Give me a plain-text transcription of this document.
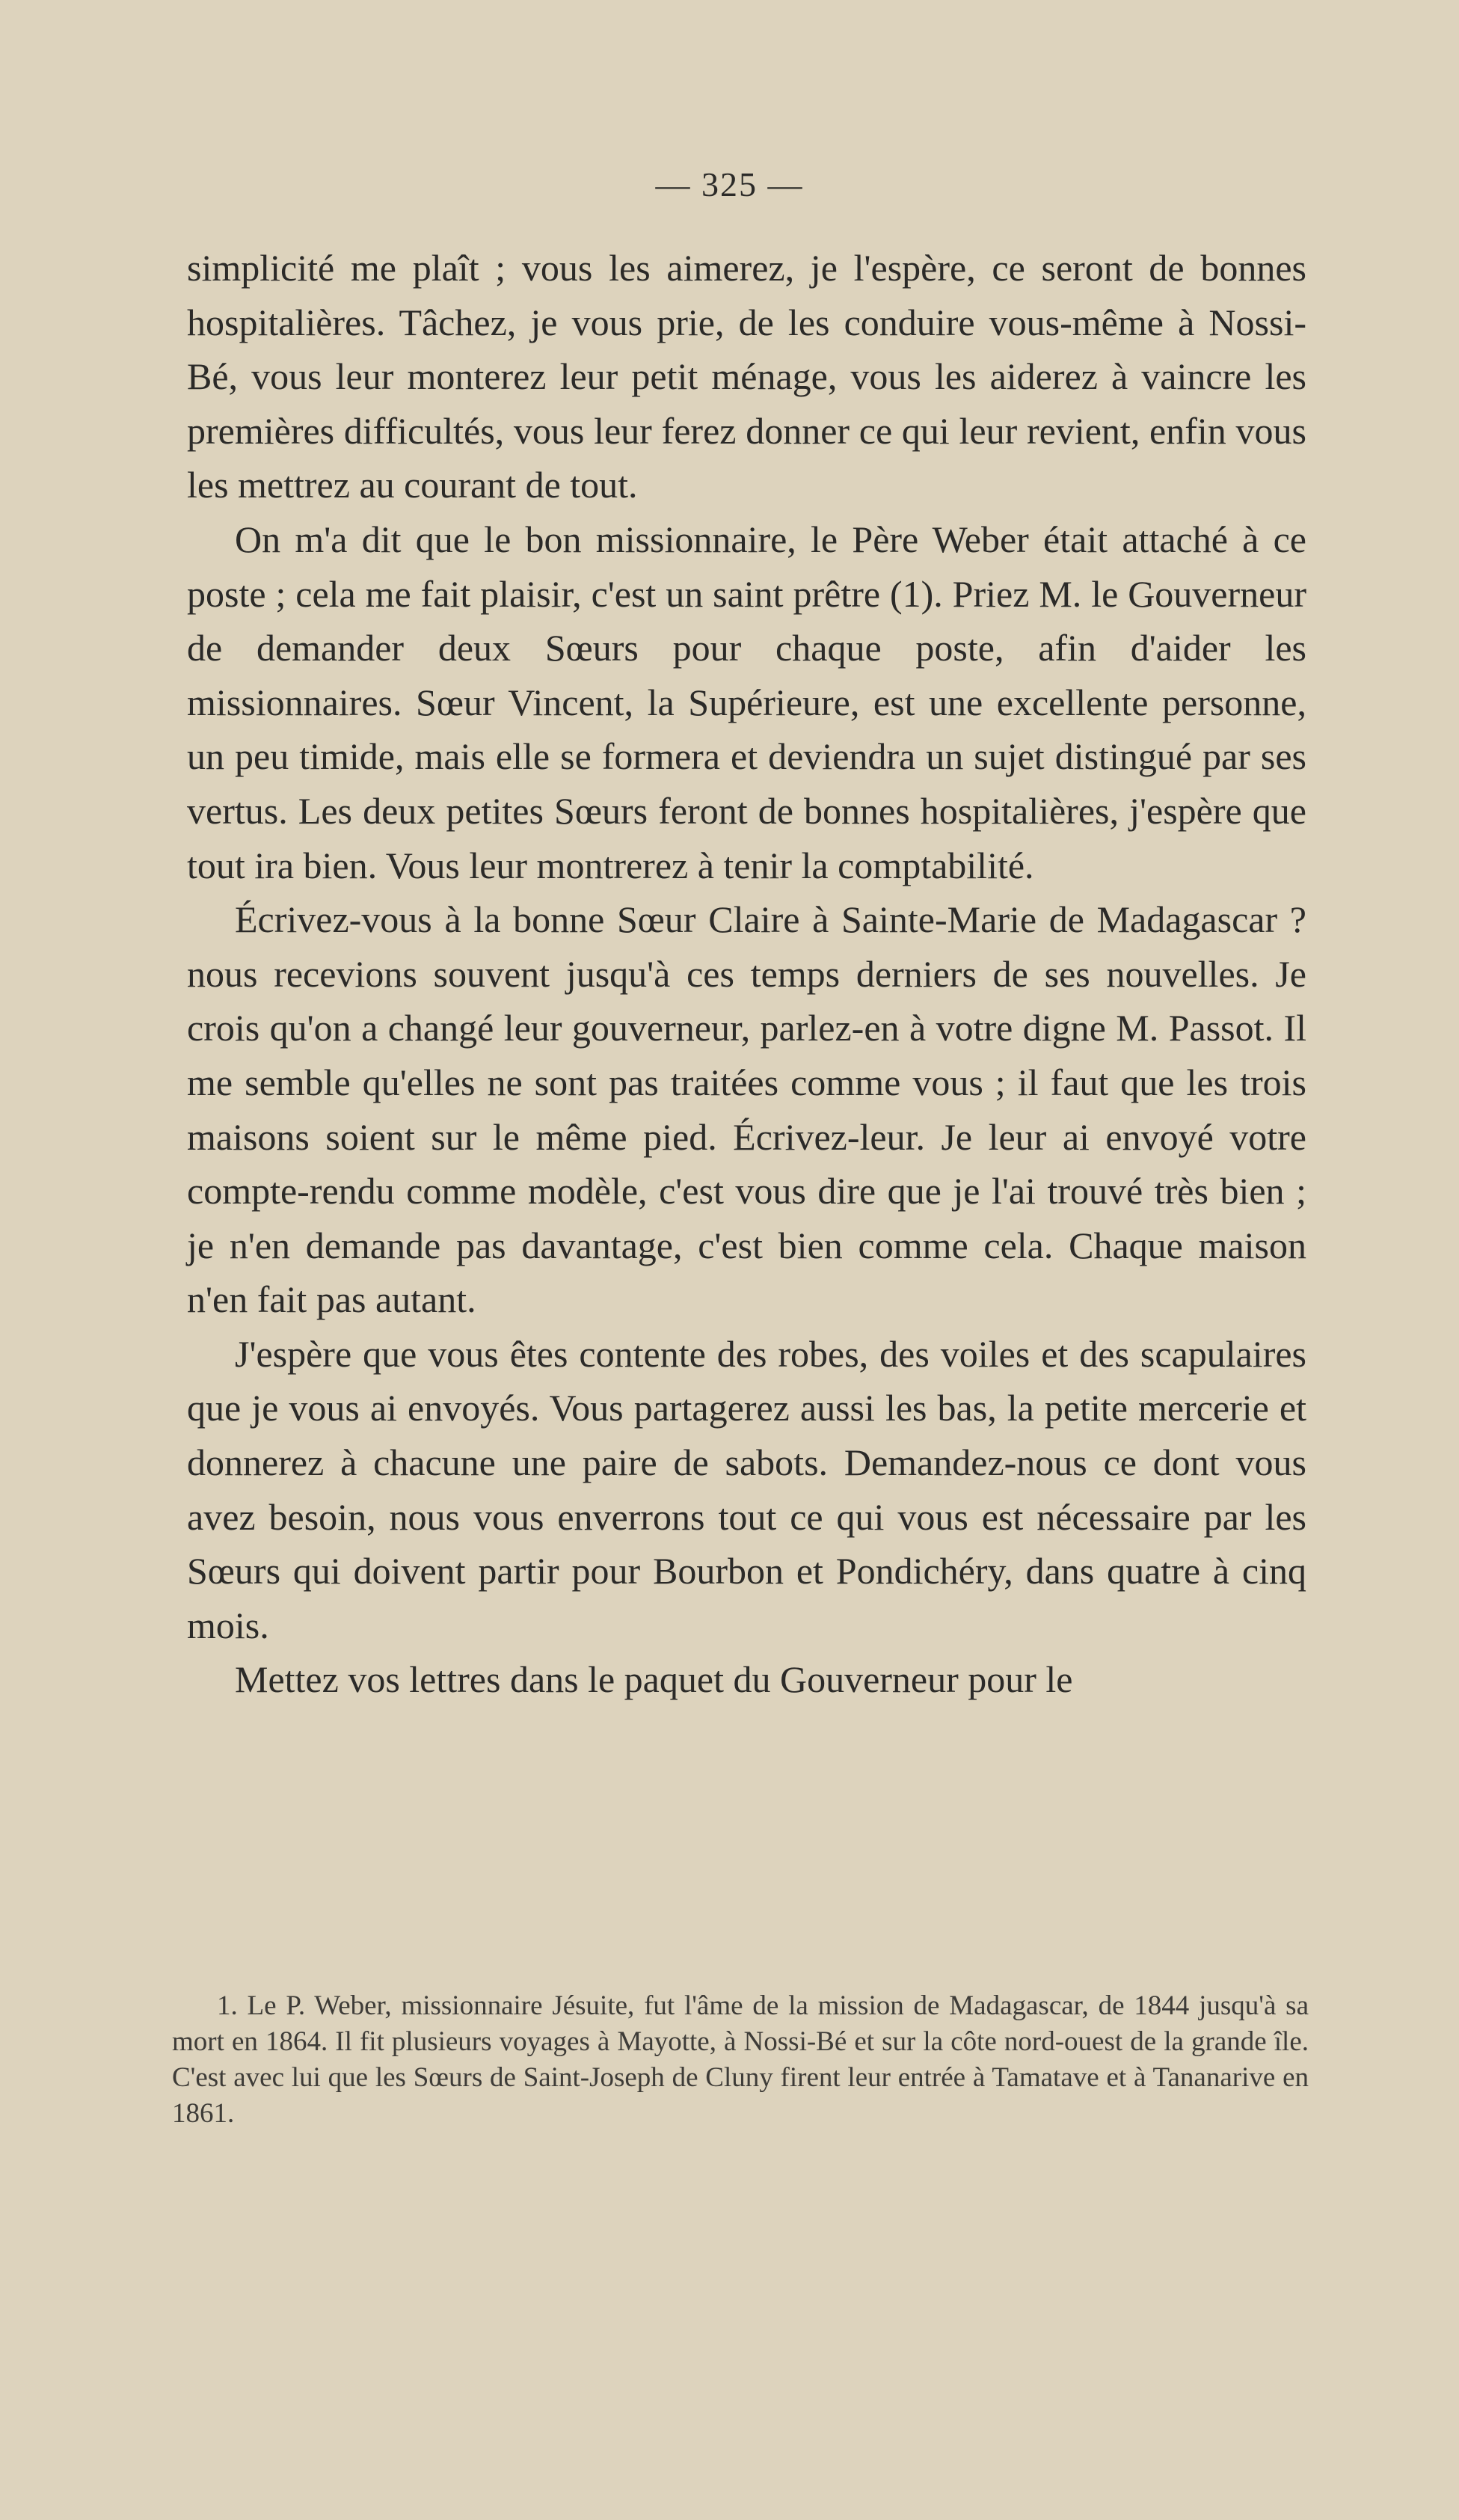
— 325 —

simplicité me plaît ; vous les aimerez, je l'espère, ce seront de bonnes hospitalières. Tâchez, je vous prie, de les conduire vous-même à Nossi-Bé, vous leur monterez leur petit ménage, vous les aiderez à vaincre les premières difficultés, vous leur ferez donner ce qui leur revient, enfin vous les mettrez au courant de tout.

On m'a dit que le bon missionnaire, le Père Weber était attaché à ce poste ; cela me fait plaisir, c'est un saint prêtre (1). Priez M. le Gouverneur de demander deux Sœurs pour chaque poste, afin d'aider les missionnaires. Sœur Vincent, la Supérieure, est une excellente personne, un peu timide, mais elle se formera et deviendra un sujet distingué par ses vertus. Les deux petites Sœurs feront de bonnes hospitalières, j'espère que tout ira bien. Vous leur montrerez à tenir la comptabilité.

Écrivez-vous à la bonne Sœur Claire à Sainte-Marie de Madagascar ? nous recevions souvent jusqu'à ces temps derniers de ses nouvelles. Je crois qu'on a changé leur gouverneur, parlez-en à votre digne M. Passot. Il me semble qu'elles ne sont pas traitées comme vous ; il faut que les trois maisons soient sur le même pied. Écrivez-leur. Je leur ai envoyé votre compte-rendu comme modèle, c'est vous dire que je l'ai trouvé très bien ; je n'en demande pas davantage, c'est bien comme cela. Chaque maison n'en fait pas autant.

J'espère que vous êtes contente des robes, des voiles et des scapulaires que je vous ai envoyés. Vous partagerez aussi les bas, la petite mercerie et donnerez à chacune une paire de sabots. Demandez-nous ce dont vous avez besoin, nous vous enverrons tout ce qui vous est nécessaire par les Sœurs qui doivent partir pour Bourbon et Pondichéry, dans quatre à cinq mois.

Mettez vos lettres dans le paquet du Gouverneur pour le

1. Le P. Weber, missionnaire Jésuite, fut l'âme de la mission de Madagascar, de 1844 jusqu'à sa mort en 1864. Il fit plusieurs voyages à Mayotte, à Nossi-Bé et sur la côte nord-ouest de la grande île. C'est avec lui que les Sœurs de Saint-Joseph de Cluny firent leur entrée à Tamatave et à Tananarive en 1861.
